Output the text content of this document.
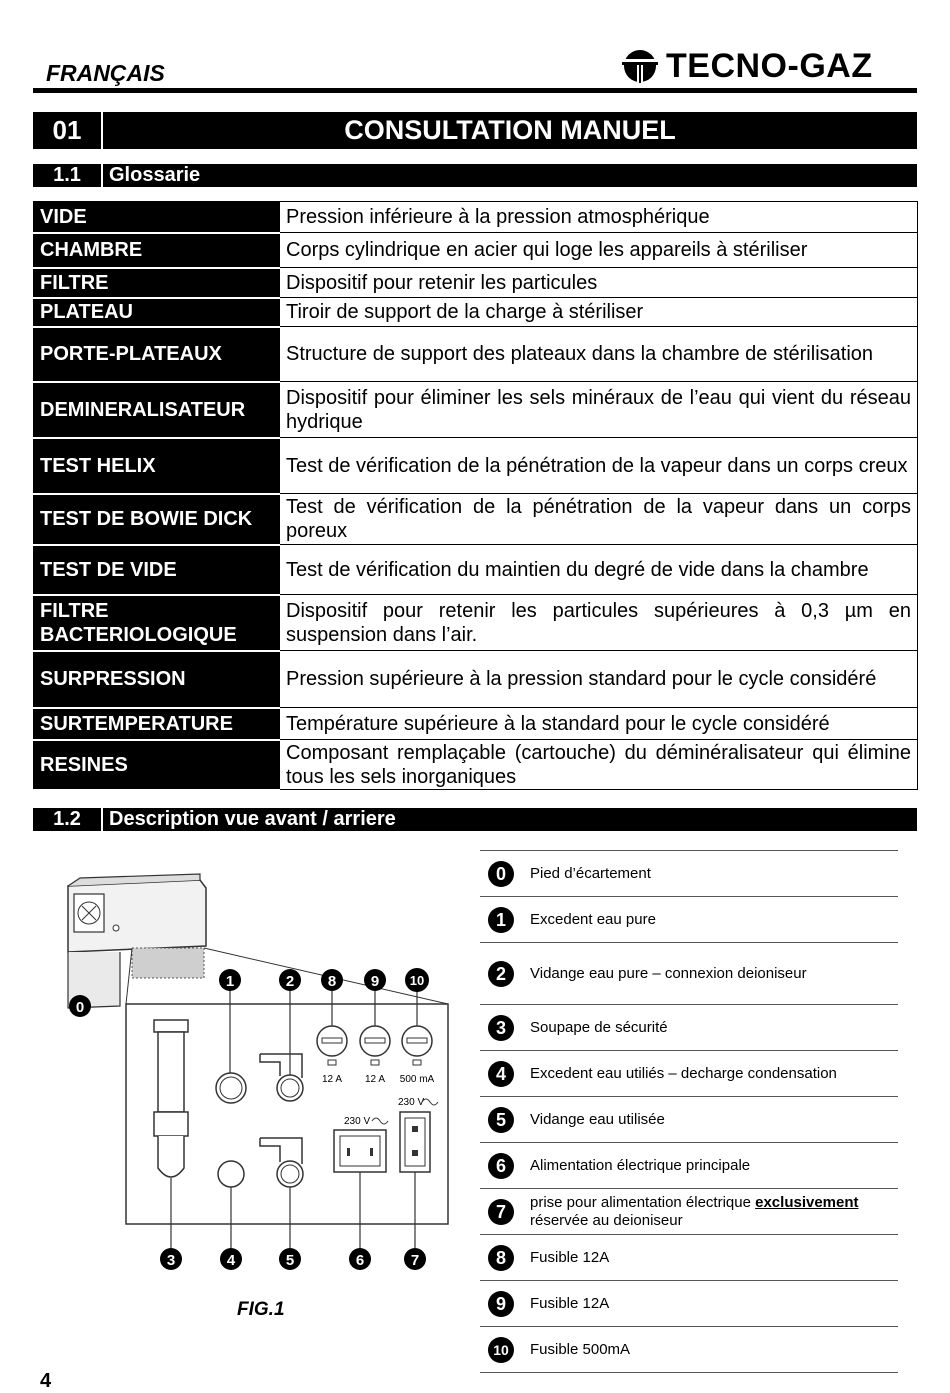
FRANÇAIS	TECNO-GAZ
01	CONSULTATION MANUEL
1.1	Glossarie
VIDE	Pression inférieure à la pression atmosphérique
CHAMBRE	Corps cylindrique en acier qui loge les appareils à stériliser
FILTRE	Dispositif pour retenir les particules
PLATEAU	Tiroir de support de la charge à stériliser
PORTE-PLATEAUX	Structure de support des plateaux dans la chambre de stérilisation
DEMINERALISATEUR	Dispositif pour éliminer les sels minéraux de l’eau qui vient du réseau hydrique
TEST HELIX	Test de vérification de la pénétration de la vapeur dans un corps creux
TEST DE BOWIE DICK	Test de vérification de la pénétration de la vapeur dans un corps poreux
TEST DE VIDE	Test de vérification du maintien du degré de vide dans la chambre
FILTRE BACTERIOLOGIQUE	Dispositif pour retenir les particules supérieures à 0,3 µm en suspension dans l’air.
SURPRESSION	Pression supérieure à la pression standard pour le cycle considéré
SURTEMPERATURE	Température supérieure à la standard pour le cycle considéré
RESINES	Composant remplaçable (cartouche) du déminéralisateur qui élimine tous les sels inorganiques
1.2	Description vue avant / arriere
12 A 12 A 500 mA
230 V
230 V
0
1	2 8 9 10
3	4	5	6	7
FIG.1
0	Pied d’écartement
1	Excedent eau pure
2	Vidange eau pure – connexion deioniseur
3	Soupape de sécurité
4	Excedent eau utiliés – decharge condensation
5	Vidange eau utilisée
6	Alimentation électrique principale
7	prise pour alimentation électrique exclusivement
réservée au deioniseur
8	Fusible 12A
9	Fusible 12A
10	Fusible 500mA
4
